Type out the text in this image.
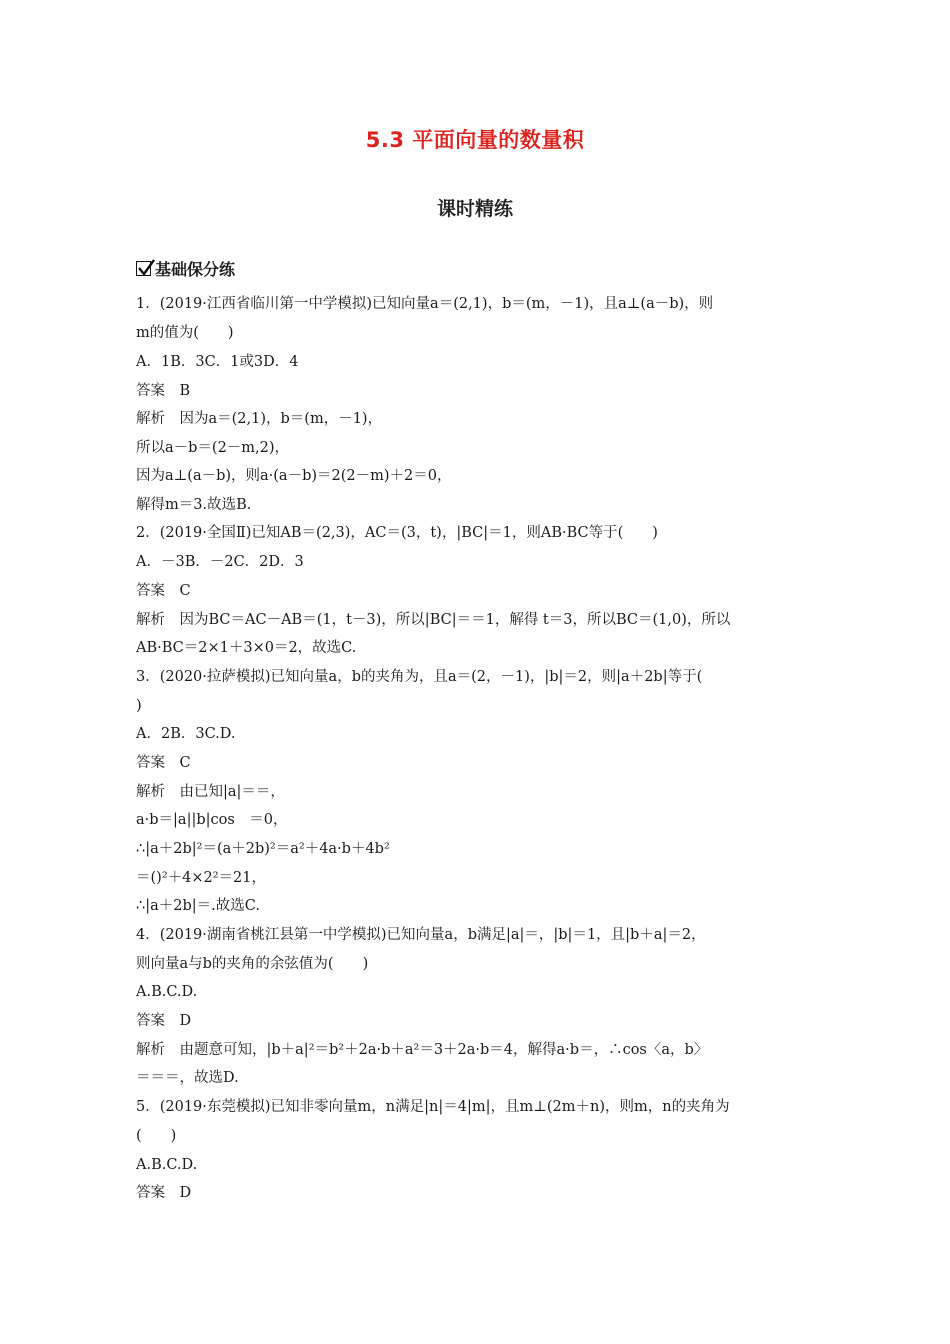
5.3 平面向量的数量积
课时精练
基础保分练
1．(2019·江西省临川第一中学模拟)已知向量a＝(2,1)，b＝(m，－1)，且a⊥(a－b)，则
m的值为(　　)
A．1B．3C．1或3D．4
答案　B
解析　因为a＝(2,1)，b＝(m，－1)，
所以a－b＝(2－m,2)，
因为a⊥(a－b)，则a·(a－b)＝2(2－m)＋2＝0，
解得m＝3.故选B.
2．(2019·全国Ⅱ)已知AB＝(2,3)，AC＝(3，t)，|BC|＝1，则AB·BC等于(　　)
A．－3B．－2C．2D．3
答案　C
解析　因为BC＝AC－AB＝(1，t－3)，所以|BC|＝＝1，解得 t＝3，所以BC＝(1,0)，所以
AB·BC＝2×1＋3×0＝2，故选C.
3．(2020·拉萨模拟)已知向量a，b的夹角为，且a＝(2，－1)，|b|＝2，则|a＋2b|等于(
)
A．2B．3C.D.
答案　C
解析　由已知|a|＝＝，
a·b＝|a||b|cos　＝0，
∴|a＋2b|²＝(a＋2b)²＝a²＋4a·b＋4b²
＝()²＋4×2²＝21，
∴|a＋2b|＝.故选C.
4．(2019·湖南省桃江县第一中学模拟)已知向量a，b满足|a|＝，|b|＝1，且|b＋a|＝2，
则向量a与b的夹角的余弦值为(　　)
A.B.C.D.
答案　D
解析　由题意可知，|b＋a|²＝b²＋2a·b＋a²＝3＋2a·b＝4，解得a·b＝，∴cos〈a，b〉
＝＝＝，故选D.
5．(2019·东莞模拟)已知非零向量m，n满足|n|＝4|m|，且m⊥(2m＋n)，则m，n的夹角为
(　　)
A.B.C.D.
答案　D
